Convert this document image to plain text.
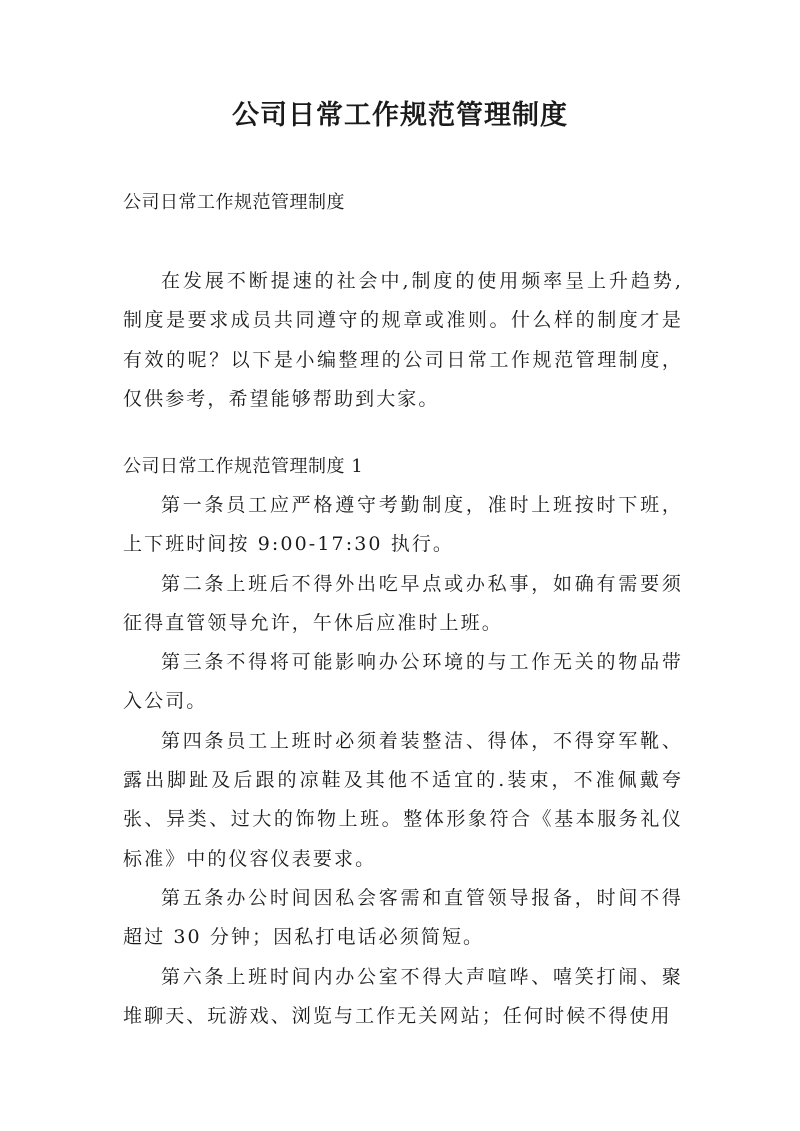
公司日常工作规范管理制度
公司日常工作规范管理制度

在发展不断提速的社会中,制度的使用频率呈上升趋势,制度是要求成员共同遵守的规章或准则。什么样的制度才是有效的呢？以下是小编整理的公司日常工作规范管理制度，仅供参考，希望能够帮助到大家。

公司日常工作规范管理制度 1

第一条员工应严格遵守考勤制度，准时上班按时下班，上下班时间按 9:00-17:30 执行。

第二条上班后不得外出吃早点或办私事，如确有需要须征得直管领导允许，午休后应准时上班。

第三条不得将可能影响办公环境的与工作无关的物品带入公司。

第四条员工上班时必须着装整洁、得体，不得穿军靴、露出脚趾及后跟的凉鞋及其他不适宜的.装束，不准佩戴夸张、异类、过大的饰物上班。整体形象符合《基本服务礼仪标准》中的仪容仪表要求。

第五条办公时间因私会客需和直管领导报备，时间不得超过 30 分钟；因私打电话必须简短。

第六条上班时间内办公室不得大声喧哗、嘻笑打闹、聚堆聊天、玩游戏、浏览与工作无关网站；任何时候不得使用
